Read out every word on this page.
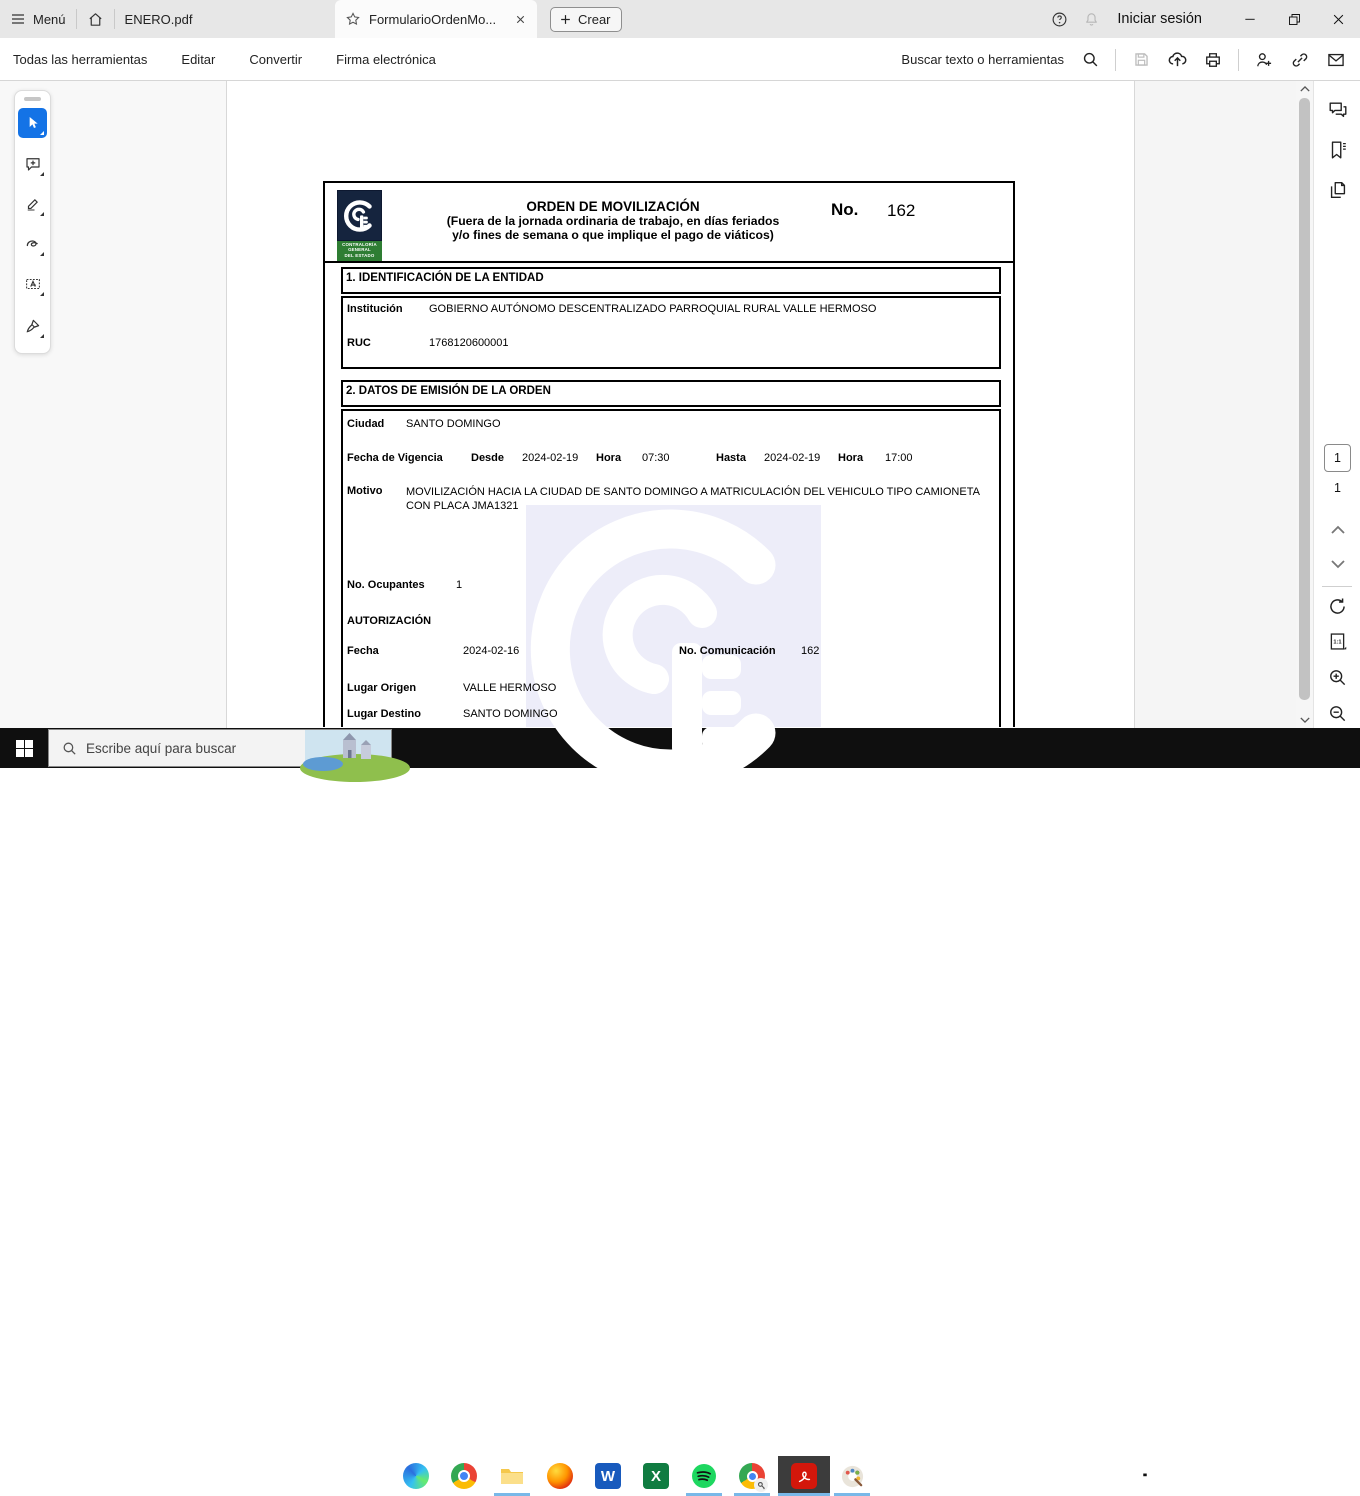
Menú	ENERO.pdf	FormularioOrdenMo...	Crear	Iniciar sesión
Todas las herramientas	Editar	Convertir	Firma electrónica	Buscar texto o herramientas
CONTRALORÍA
GENERAL
DEL ESTADO
ORDEN DE MOVILIZACIÓN
(Fuera de la jornada ordinaria de trabajo, en días feriados
y/o fines de semana o que implique el pago de viáticos)
No. 162
1. IDENTIFICACIÓN DE LA ENTIDAD
Institución GOBIERNO AUTÓNOMO DESCENTRALIZADO PARROQUIAL RURAL VALLE HERMOSO
RUC	1768120600001
2. DATOS DE EMISIÓN DE LA ORDEN
Ciudad SANTO DOMINGO
Fecha de Vigencia	Desde 2024-02-19 Hora 07:30	Hasta 2024-02-19 Hora 17:00
Motivo MOVILIZACIÓN HACIA LA CIUDAD DE SANTO DOMINGO A MATRICULACIÓN DEL VEHICULO TIPO CAMIONETA CON PLACA JMA1321
No. Ocupantes	1
AUTORIZACIÓN
Fecha	2024-02-16	No. Comunicación 162
Lugar Origen	VALLE HERMOSO
Lugar Destino	SANTO DOMINGO
1
1
1:1
Escribe aquí para buscar
W X	ESP
09:46
23/2/2024
